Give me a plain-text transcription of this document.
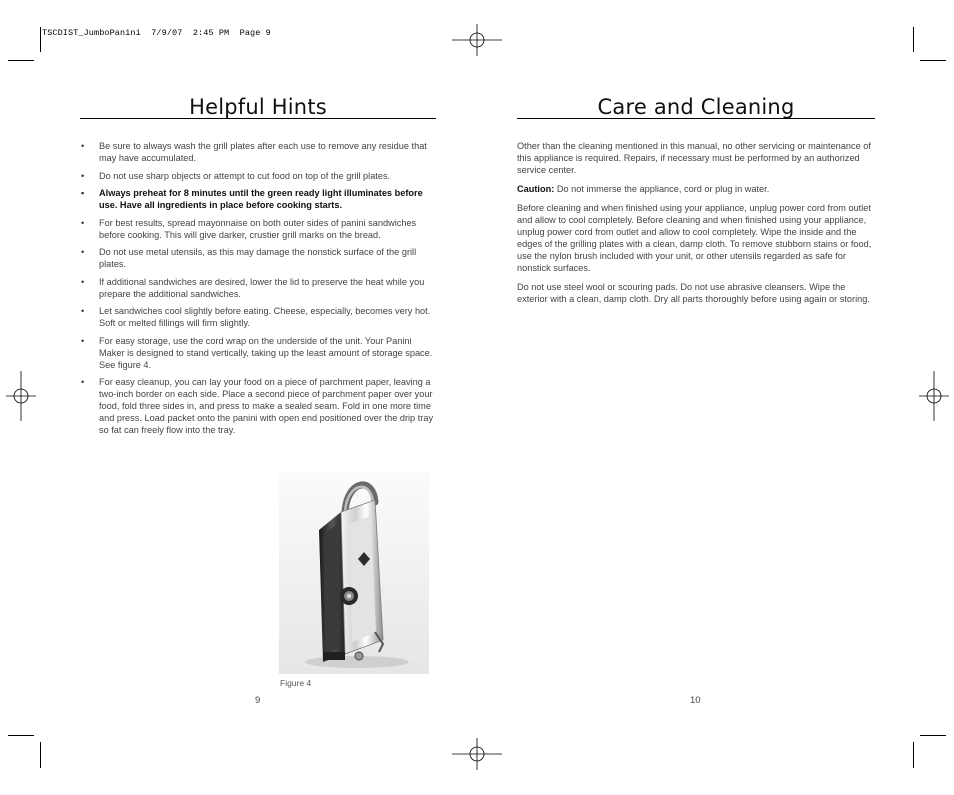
TSCDIST_JumboPanini  7/9/07  2:45 PM  Page 9
Helpful Hints
• Be sure to always wash the grill plates after each use to remove any residue that may have accumulated.
• Do not use sharp objects or attempt to cut food on top of the grill plates.
• Always preheat for 8 minutes until the green ready light illuminates before use. Have all ingredients in place before cooking starts.
• For best results, spread mayonnaise on both outer sides of panini sandwiches before cooking. This will give darker, crustier grill marks on the bread.
• Do not use metal utensils, as this may damage the nonstick surface of the grill plates.
• If additional sandwiches are desired, lower the lid to preserve the heat while you prepare the additional sandwiches.
• Let sandwiches cool slightly before eating. Cheese, especially, becomes very hot. Soft or melted fillings will firm slightly.
• For easy storage, use the cord wrap on the underside of the unit. Your Panini Maker is designed to stand vertically, taking up the least amount of storage space. See figure 4.
• For easy cleanup, you can lay your food on a piece of parchment paper, leaving a two-inch border on each side. Place a second piece of parchment paper over your food, fold three sides in, and press to make a sealed seam. Fold in one more time and press. Load packet onto the panini with open end positioned over the drip tray so fat can freely flow into the tray.
Figure 4
9
Care and Cleaning

Other than the cleaning mentioned in this manual, no other servicing or maintenance of this appliance is required. Repairs, if necessary must be performed by an authorized service center.

Caution: Do not immerse the appliance, cord or plug in water.

Before cleaning and when finished using your appliance, unplug power cord from outlet and allow to cool completely. Before cleaning and when finished using your appliance, unplug power cord from outlet and allow to cool completely. Wipe the inside and the edges of the grilling plates with a clean, damp cloth. To remove stubborn stains or food, use the nylon brush included with your unit, or other utensils regarded as safe for nonstick surfaces.

Do not use steel wool or scouring pads. Do not use abrasive cleansers. Wipe the exterior with a clean, damp cloth. Dry all parts thoroughly before using again or storing.

10
